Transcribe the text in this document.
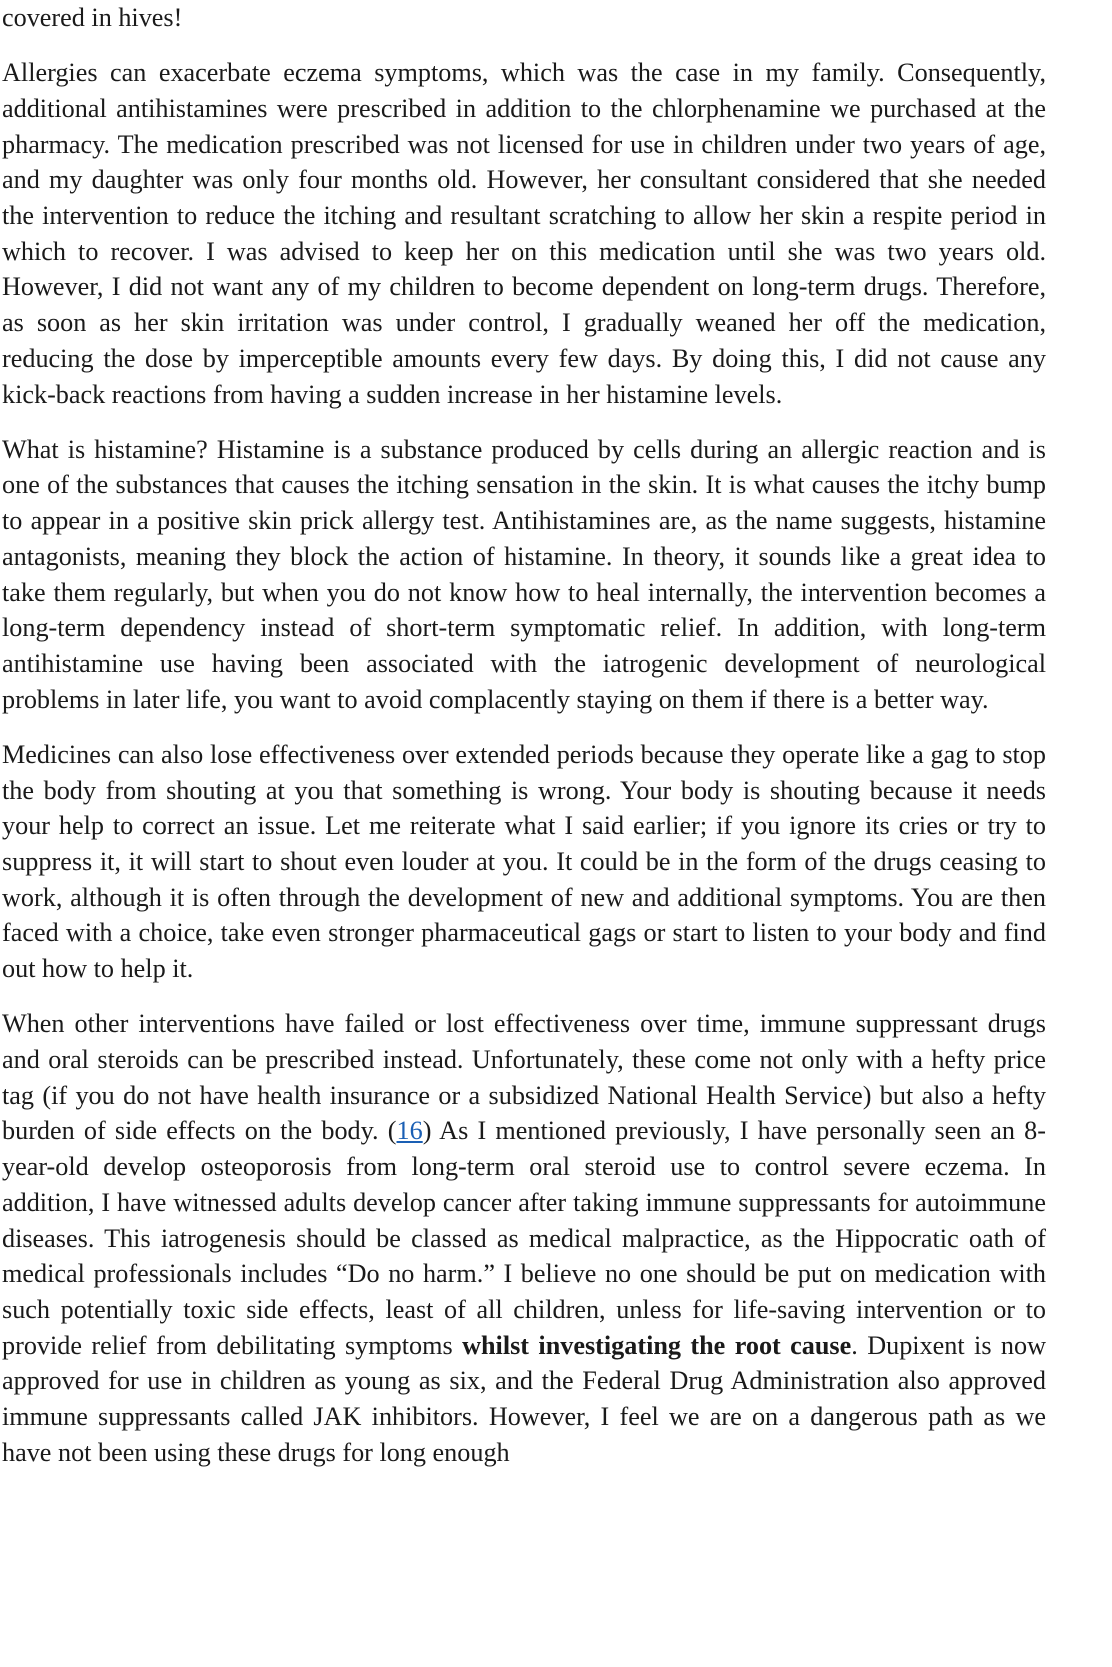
covered in hives!

Allergies can exacerbate eczema symptoms, which was the case in my family. Consequently, additional antihistamines were prescribed in addition to the chlorphenamine we purchased at the pharmacy. The medication prescribed was not licensed for use in children under two years of age, and my daughter was only four months old. However, her consultant considered that she needed the intervention to reduce the itching and resultant scratching to allow her skin a respite period in which to recover. I was advised to keep her on this medication until she was two years old. However, I did not want any of my children to become dependent on long-term drugs. Therefore, as soon as her skin irritation was under control, I gradually weaned her off the medication, reducing the dose by imperceptible amounts every few days. By doing this, I did not cause any kick-back reactions from having a sudden increase in her histamine levels.

What is histamine? Histamine is a substance produced by cells during an allergic reaction and is one of the substances that causes the itching sensation in the skin. It is what causes the itchy bump to appear in a positive skin prick allergy test. Antihistamines are, as the name suggests, histamine antagonists, meaning they block the action of histamine. In theory, it sounds like a great idea to take them regularly, but when you do not know how to heal internally, the intervention becomes a long-term dependency instead of short-term symptomatic relief. In addition, with long-term antihistamine use having been associated with the iatrogenic development of neurological problems in later life, you want to avoid complacently staying on them if there is a better way.

Medicines can also lose effectiveness over extended periods because they operate like a gag to stop the body from shouting at you that something is wrong. Your body is shouting because it needs your help to correct an issue. Let me reiterate what I said earlier; if you ignore its cries or try to suppress it, it will start to shout even louder at you. It could be in the form of the drugs ceasing to work, although it is often through the development of new and additional symptoms. You are then faced with a choice, take even stronger pharmaceutical gags or start to listen to your body and find out how to help it.

When other interventions have failed or lost effectiveness over time, immune suppressant drugs and oral steroids can be prescribed instead. Unfortunately, these come not only with a hefty price tag (if you do not have health insurance or a subsidized National Health Service) but also a hefty burden of side effects on the body. (16) As I mentioned previously, I have personally seen an 8-year-old develop osteoporosis from long-term oral steroid use to control severe eczema. In addition, I have witnessed adults develop cancer after taking immune suppressants for autoimmune diseases. This iatrogenesis should be classed as medical malpractice, as the Hippocratic oath of medical professionals includes “Do no harm.” I believe no one should be put on medication with such potentially toxic side effects, least of all children, unless for life-saving intervention or to provide relief from debilitating symptoms whilst investigating the root cause. Dupixent is now approved for use in children as young as six, and the Federal Drug Administration also approved immune suppressants called JAK inhibitors. However, I feel we are on a dangerous path as we have not been using these drugs for long enough
